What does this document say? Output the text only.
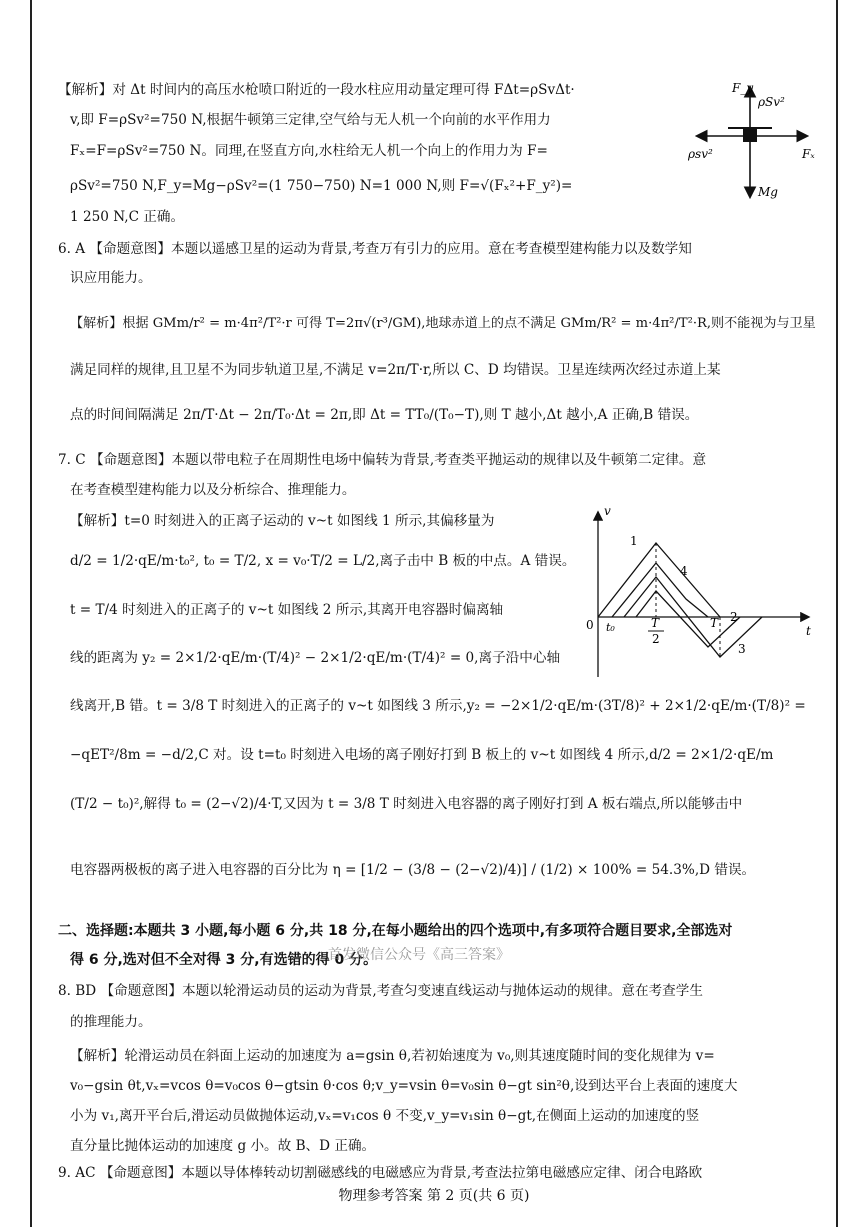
【解析】对 Δt 时间内的高压水枪喷口附近的一段水柱应用动量定理可得 FΔt=ρSvΔt·
v,即 F=ρSv²=750 N,根据牛顿第三定律,空气给与无人机一个向前的水平作用力
Fₓ=F=ρSv²=750 N。同理,在竖直方向,水柱给无人机一个向上的作用力为 F=
ρSv²=750 N,F_y=Mg−ρSv²=(1 750−750) N=1 000 N,则 F=√(Fₓ²+F_y²)=
1 250 N,C 正确。
6. A 【命题意图】本题以遥感卫星的运动为背景,考查万有引力的应用。意在考查模型建构能力以及数学知
识应用能力。
【解析】根据 GMm/r² = m·4π²/T²·r 可得 T=2π√(r³/GM),地球赤道上的点不满足 GMm/R² = m·4π²/T²·R,则不能视为与卫星
满足同样的规律,且卫星不为同步轨道卫星,不满足 v=2π/T·r,所以 C、D 均错误。卫星连续两次经过赤道上某
点的时间间隔满足 2π/T·Δt − 2π/T₀·Δt = 2π,即 Δt = TT₀/(T₀−T),则 T 越小,Δt 越小,A 正确,B 错误。
7. C 【命题意图】本题以带电粒子在周期性电场中偏转为背景,考查类平抛运动的规律以及牛顿第二定律。意
在考查模型建构能力以及分析综合、推理能力。
【解析】t=0 时刻进入的正离子运动的 v~t 如图线 1 所示,其偏移量为
d/2 = 1/2·qE/m·t₀², t₀ = T/2, x = v₀·T/2 = L/2,离子击中 B 板的中点。A 错误。
t = T/4 时刻进入的正离子的 v~t 如图线 2 所示,其离开电容器时偏离轴
线的距离为 y₂ = 2×1/2·qE/m·(T/4)² − 2×1/2·qE/m·(T/4)² = 0,离子沿中心轴
线离开,B 错。t = 3/8 T 时刻进入的正离子的 v~t 如图线 3 所示,y₂ = −2×1/2·qE/m·(3T/8)² + 2×1/2·qE/m·(T/8)² =
−qET²/8m = −d/2,C 对。设 t=t₀ 时刻进入电场的离子刚好打到 B 板上的 v~t 如图线 4 所示,d/2 = 2×1/2·qE/m
(T/2 − t₀)²,解得 t₀ = (2−√2)/4·T,又因为 t = 3/8 T 时刻进入电容器的离子刚好打到 A 板右端点,所以能够击中
电容器两极板的离子进入电容器的百分比为 η = [1/2 − (3/8 − (2−√2)/4)] / (1/2) × 100% = 54.3%,D 错误。
二、选择题:本题共 3 小题,每小题 6 分,共 18 分,在每小题给出的四个选项中,有多项符合题目要求,全部选对
得 6 分,选对但不全对得 3 分,有选错的得 0 分。
首发微信公众号《高三答案》
8. BD 【命题意图】本题以轮滑运动员的运动为背景,考查匀变速直线运动与抛体运动的规律。意在考查学生
的推理能力。
【解析】轮滑运动员在斜面上运动的加速度为 a=gsin θ,若初始速度为 v₀,则其速度随时间的变化规律为 v=
v₀−gsin θt,vₓ=vcos θ=v₀cos θ−gtsin θ·cos θ;v_y=vsin θ=v₀sin θ−gt sin²θ,设到达平台上表面的速度大
小为 v₁,离开平台后,滑运动员做抛体运动,vₓ=v₁cos θ 不变,v_y=v₁sin θ−gt,在侧面上运动的加速度的竖
直分量比抛体运动的加速度 g 小。故 B、D 正确。
9. AC 【命题意图】本题以导体棒转动切割磁感线的电磁感应为背景,考查法拉第电磁感应定律、闭合电路欧
物理参考答案 第 2 页(共 6 页)
F_y
ρSv²
ρsv²	Fₓ
Mg
v
t
0 t₀	T
2
T
1
4
2
3
